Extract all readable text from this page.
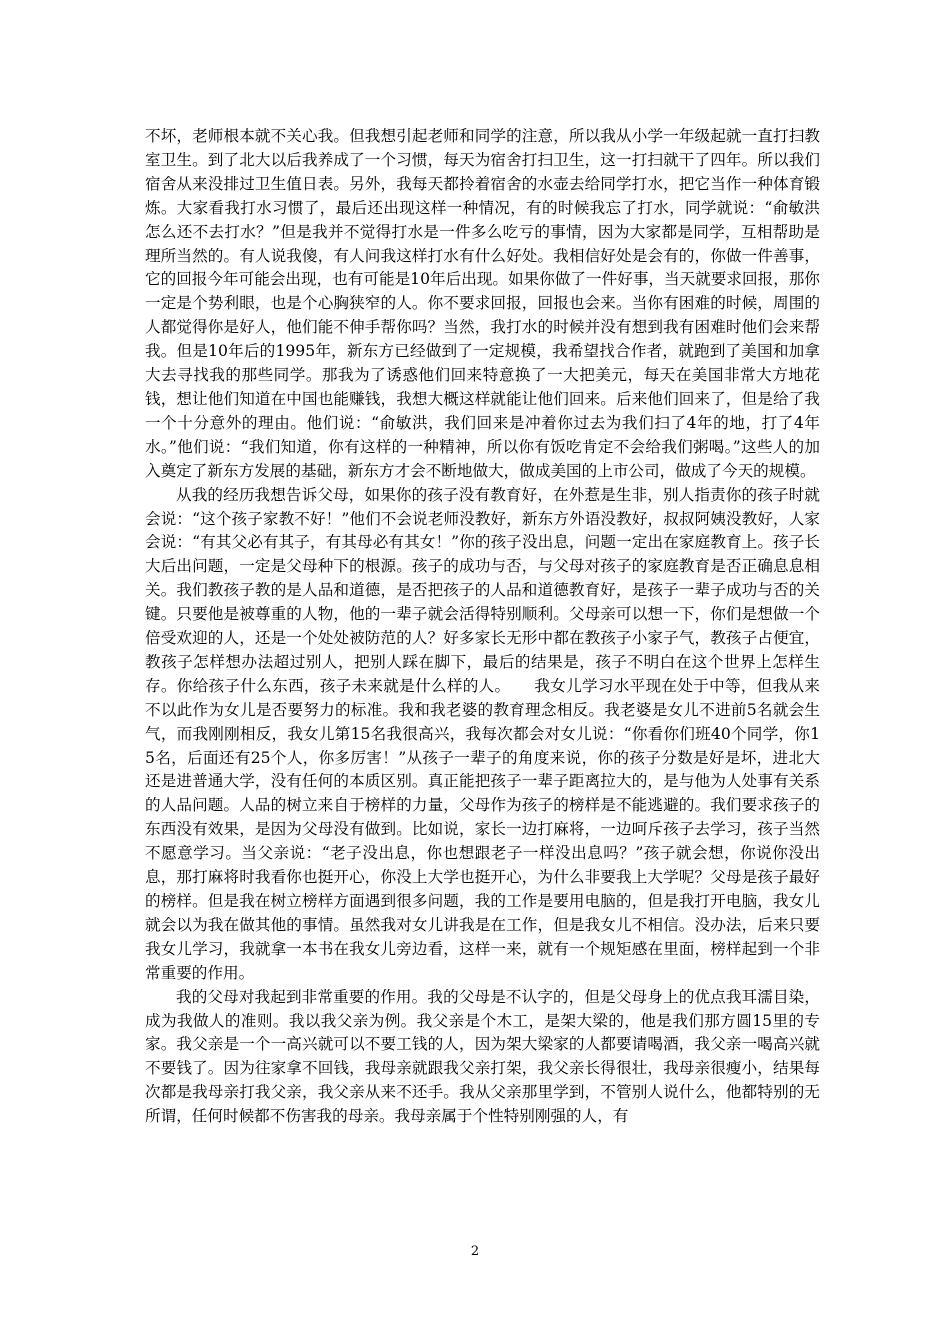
不坏，老师根本就不关心我。但我想引起老师和同学的注意，所以我从小学一年级起就一直打扫教室卫生。到了北大以后我养成了一个习惯，每天为宿舍打扫卫生，这一打扫就干了四年。所以我们宿舍从来没排过卫生值日表。另外，我每天都拎着宿舍的水壶去给同学打水，把它当作一种体育锻炼。大家看我打水习惯了，最后还出现这样一种情况，有的时候我忘了打水，同学就说：“俞敏洪怎么还不去打水？”但是我并不觉得打水是一件多么吃亏的事情，因为大家都是同学，互相帮助是理所当然的。有人说我傻，有人问我这样打水有什么好处。我相信好处是会有的，你做一件善事，它的回报今年可能会出现，也有可能是10年后出现。如果你做了一件好事，当天就要求回报，那你一定是个势利眼，也是个心胸狭窄的人。你不要求回报，回报也会来。当你有困难的时候，周围的人都觉得你是好人，他们能不伸手帮你吗？当然，我打水的时候并没有想到我有困难时他们会来帮我。但是10年后的1995年，新东方已经做到了一定规模，我希望找合作者，就跑到了美国和加拿大去寻找我的那些同学。那我为了诱惑他们回来特意换了一大把美元，每天在美国非常大方地花钱，想让他们知道在中国也能赚钱，我想大概这样就能让他们回来。后来他们回来了，但是给了我一个十分意外的理由。他们说：“俞敏洪，我们回来是冲着你过去为我们扫了4年的地，打了4年水。”他们说：“我们知道，你有这样的一种精神，所以你有饭吃肯定不会给我们粥喝。”这些人的加入奠定了新东方发展的基础，新东方才会不断地做大，做成美国的上市公司，做成了今天的规模。

从我的经历我想告诉父母，如果你的孩子没有教育好，在外惹是生非，别人指责你的孩子时就会说：“这个孩子家教不好！”他们不会说老师没教好，新东方外语没教好，叔叔阿姨没教好，人家会说：“有其父必有其子，有其母必有其女！”你的孩子没出息，问题一定出在家庭教育上。孩子长大后出问题，一定是父母种下的根源。孩子的成功与否，与父母对孩子的家庭教育是否正确息息相关。我们教孩子教的是人品和道德，是否把孩子的人品和道德教育好，是孩子一辈子成功与否的关键。只要他是被尊重的人物，他的一辈子就会活得特别顺利。父母亲可以想一下，你们是想做一个倍受欢迎的人，还是一个处处被防范的人？好多家长无形中都在教孩子小家子气，教孩子占便宜，教孩子怎样想办法超过别人，把别人踩在脚下，最后的结果是，孩子不明白在这个世界上怎样生存。你给孩子什么东西，孩子未来就是什么样的人。　　我女儿学习水平现在处于中等，但我从来不以此作为女儿是否要努力的标准。我和我老婆的教育理念相反。我老婆是女儿不进前5名就会生气，而我刚刚相反，我女儿第15名我很高兴，我每次都会对女儿说：“你看你们班40个同学，你15名，后面还有25个人，你多厉害！”从孩子一辈子的角度来说，你的孩子分数是好是坏，进北大还是进普通大学，没有任何的本质区别。真正能把孩子一辈子距离拉大的，是与他为人处事有关系的人品问题。人品的树立来自于榜样的力量，父母作为孩子的榜样是不能逃避的。我们要求孩子的东西没有效果，是因为父母没有做到。比如说，家长一边打麻将，一边呵斥孩子去学习，孩子当然不愿意学习。当父亲说：“老子没出息，你也想跟老子一样没出息吗？”孩子就会想，你说你没出息，那打麻将时我看你也挺开心，你没上大学也挺开心，为什么非要我上大学呢？父母是孩子最好的榜样。但是我在树立榜样方面遇到很多问题，我的工作是要用电脑的，但是我打开电脑，我女儿就会以为我在做其他的事情。虽然我对女儿讲我是在工作，但是我女儿不相信。没办法，后来只要我女儿学习，我就拿一本书在我女儿旁边看，这样一来，就有一个规矩感在里面，榜样起到一个非常重要的作用。

我的父母对我起到非常重要的作用。我的父母是不认字的，但是父母身上的优点我耳濡目染，成为我做人的准则。我以我父亲为例。我父亲是个木工，是架大梁的，他是我们那方圆15里的专家。我父亲是一个一高兴就可以不要工钱的人，因为架大梁家的人都要请喝酒，我父亲一喝高兴就不要钱了。因为往家拿不回钱，我母亲就跟我父亲打架，我父亲长得很壮，我母亲很瘦小，结果每次都是我母亲打我父亲，我父亲从来不还手。我从父亲那里学到，不管别人说什么，他都特别的无所谓，任何时候都不伤害我的母亲。我母亲属于个性特别刚强的人，有

2
